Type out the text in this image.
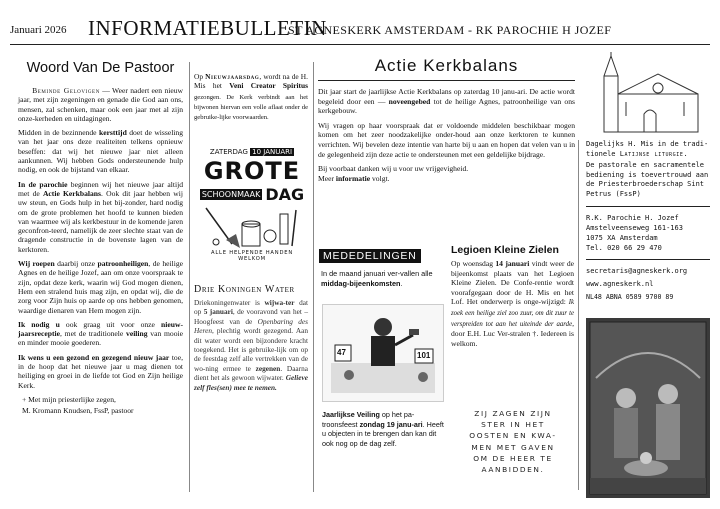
Januari 2026 INFORMATIEBULLETIN
ST AGNESKERK AMSTERDAM - RK PAROCHIE H JOZEF
Woord Van De Pastoor

Beminde Gelovigen — Weer nadert een nieuw jaar, met zijn zegeningen en genade die God aan ons, mensen, zal schenken, maar ook een jaar met al zijn onze-kerheden en uitdagingen.

Midden in de bezinnende kersttijd doet de wisseling van het jaar ons deze realiteiten telkens opnieuw beseffen: dat wij het nieuwe jaar niet alleen aankunnen. Wij hebben Gods ondersteunende hulp nodig, en ook de bijstand van elkaar.

In de parochie beginnen wij het nieuwe jaar altijd met de Actie Kerkbalans. Ook dit jaar hebben wij uw steun, en Gods hulp in het bij-zonder, hard nodig om de grote problemen het hoofd te kunnen bieden van waarmee wij als kerkbestuur in de komende jaren geconfron-teerd, namelijk de zeer slechte staat van de dragende constructie in de bovenste lagen van de kerktoren.

Wij roepen daarbij onze patroonheiligen, de heilige Agnes en de heilige Jozef, aan om onze voorspraak te zijn, opdat deze kerk, waarin wij God mogen dienen, Hem een stralend huis mag zijn, en opdat wij, die de zorg voor Zijn huis op aarde op ons hebben genomen, waardige dienaren van Hem mogen zijn.

Ik nodig u ook graag uit voor onze nieuw-jaarsreceptie, met de traditionele veiling van mooie en minder mooie goederen.

Ik wens u een gezond en gezegend nieuw jaar toe, in de hoop dat het nieuwe jaar u mag dienen tot heiliging en groei in de liefde tot God en Zijn heilige Kerk.

+ Met mijn priesterlijke zegen,
M. Kromann Knudsen, FssP, pastoor
Op Nieuwjaarsdag, wordt na de H. Mis het Veni Creator Spiritus gezongen. De Kerk verbindt aan het bijwonen hiervan een volle aflaat onder de gebruike-lijke voorwaarden.
ZATERDAG 10 JANUARI
GROTE
SCHOONMAAK DAG
ALLE HELPENDE HANDEN WELKOM
Drie Koningen Water
Driekoningenwater is wijwa-ter dat op 5 januari, de vooravond van het – Hoogfeest van de Openbaring des Heren, plechtig wordt gezegend. Aan dit water wordt een bijzondere kracht toegekend. Het is gebruike-lijk om op de feestdag zelf alle vertrekken van de wo-ning ermee te zegenen. Daarna dient het als gewoon wijwater. Gelieve zelf fles(sen) mee te nemen.
Actie Kerkbalans

Dit jaar start de jaarlijkse Actie Kerkbalans op zaterdag 10 janu-ari. De actie wordt begeleid door een — noveengebed tot de heilige Agnes, patroonheilige van ons kerkgebouw.

Wij vragen op haar voorspraak dat er voldoende middelen beschikbaar mogen komen om het zeer noodzakelijke onder-houd aan onze kerktoren te kunnen verrichten. Wij bevelen deze intentie van harte bij u aan en hopen dat velen van u in de gelegenheid zijn deze actie te ondersteunen met een geldelijke bijdrage.

Bij voorbaat danken wij u voor uw vrijgevigheid.

Meer informatie volgt.

MEDEDELINGEN
In de maand januari ver-vallen alle middag-bijeenkomsten.
47	101
Jaarlijkse Veiling op het pa-troonsfeest zondag 19 janu-ari. Heeft u objecten in te brengen dan kan dit ook nog op de dag zelf.
Legioen Kleine Zielen
Op woensdag 14 januari vindt weer de bijeenkomst plaats van het Legioen Kleine Zielen. De Confe-rentie wordt voorafgegaan door de H. Mis en het Lof. Het onderwerp is onge-wijzigd: Ik zoek een heilige ziel zoo zuur, om dit zuur te verspreiden tot aan het uiteinde der aarde, door E.H. Luc Ver-stralen †. Iedereen is welkom.
ZIJ ZAGEN ZIJN
STER IN HET
OOSTEN EN KWA-
MEN MET GAVEN
OM DE HEER TE
AANBIDDEN.
Dagelijks H. Mis in de tradi-tionele Latijnse liturgie.
De pastorale en sacramentele bediening is toevertrouwd aan de Priesterbroederschap Sint Petrus (FssP)
R.K. Parochie H. Jozef
Amstelveenseweg 161-163
1075 XA Amsterdam
Tel. 020 66 29 470
secretaris@agneskerk.org
www.agneskerk.nl
NL48 ABNA 0589 9700 89
